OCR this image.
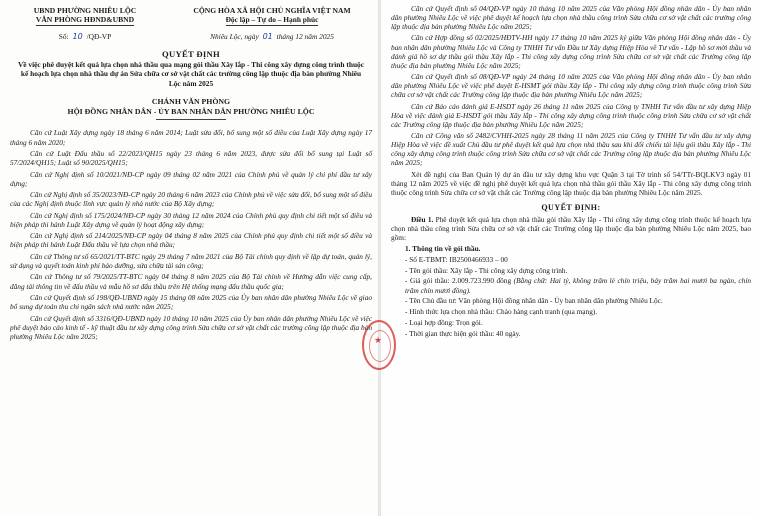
UBND PHƯỜNG NHIÊU LỘC
VĂN PHÒNG HĐND&UBND
CỘNG HÒA XÃ HỘI CHỦ NGHĨA VIỆT NAM
Độc lập – Tự do – Hạnh phúc
Số: 10 /QĐ-VP	Nhiêu Lộc, ngày 01 tháng 12 năm 2025
QUYẾT ĐỊNH
Về việc phê duyệt kết quả lựa chọn nhà thầu qua mạng gói thầu Xây lắp - Thi công xây dựng công trình thuộc kế hoạch lựa chọn nhà thầu dự án Sửa chữa cơ sở vật chất các trường công lập thuộc địa bàn phường Nhiêu Lộc năm 2025
CHÁNH VĂN PHÒNG
HỘI ĐỒNG NHÂN DÂN - ỦY BAN NHÂN DÂN PHƯỜNG NHIÊU LỘC

Căn cứ Luật Xây dựng ngày 18 tháng 6 năm 2014; Luật sửa đổi, bổ sung một số điều của Luật Xây dựng ngày 17 tháng 6 năm 2020;

Căn cứ Luật Đấu thầu số 22/2023/QH15 ngày 23 tháng 6 năm 2023, được sửa đổi bổ sung tại Luật số 57/2024/QH15; Luật số 90/2025/QH15;

Căn cứ Nghị định số 10/2021/NĐ-CP ngày 09 tháng 02 năm 2021 của Chính phủ về quản lý chi phí đầu tư xây dựng;

Căn cứ Nghị định số 35/2023/NĐ-CP ngày 20 tháng 6 năm 2023 của Chính phủ về việc sửa đổi, bổ sung một số điều của các Nghị định thuộc lĩnh vực quản lý nhà nước của Bộ Xây dựng;

Căn cứ Nghị định số 175/2024/NĐ-CP ngày 30 tháng 12 năm 2024 của Chính phủ quy định chi tiết một số điều và biện pháp thi hành Luật Xây dựng về quản lý hoạt động xây dựng;

Căn cứ Nghị định số 214/2025/NĐ-CP ngày 04 tháng 8 năm 2025 của Chính phủ quy định chi tiết một số điều và biện pháp thi hành Luật Đấu thầu về lựa chọn nhà thầu;

Căn cứ Thông tư số 65/2021/TT-BTC ngày 29 tháng 7 năm 2021 của Bộ Tài chính quy định về lập dự toán, quản lý, sử dụng và quyết toán kinh phí bảo dưỡng, sửa chữa tài sản công;

Căn cứ Thông tư số 79/2025/TT-BTC ngày 04 tháng 8 năm 2025 của Bộ Tài chính về Hướng dẫn việc cung cấp, đăng tải thông tin về đấu thầu và mẫu hồ sơ đấu thầu trên Hệ thống mạng đấu thầu quốc gia;

Căn cứ Quyết định số 198/QĐ-UBND ngày 15 tháng 08 năm 2025 của Ủy ban nhân dân phường Nhiêu Lộc về giao bổ sung dự toán thu chi ngân sách nhà nước năm 2025;

Căn cứ Quyết định số 3316/QĐ-UBND ngày 10 tháng 10 năm 2025 của Ủy ban nhân dân phường Nhiêu Lộc về việc phê duyệt báo cáo kinh tế - kỹ thuật đầu tư xây dựng công trình Sửa chữa cơ sở vật chất các trường công lập thuộc địa bàn phường Nhiêu Lộc năm 2025;	★

Căn cứ Quyết định số 04/QĐ-VP ngày 10 tháng 10 năm 2025 của Văn phòng Hội đồng nhân dân - Ủy ban nhân dân phường Nhiêu Lộc về việc phê duyệt kế hoạch lựa chọn nhà thầu công trình Sửa chữa cơ sở vật chất các trường công lập thuộc địa bàn phường Nhiêu Lộc năm 2025;

Căn cứ Hợp đồng số 02/2025/HĐTV-HH ngày 17 tháng 10 năm 2025 ký giữa Văn phòng Hội đồng nhân dân - Ủy ban nhân dân phường Nhiêu Lộc và Công ty TNHH Tư vấn Đầu tư Xây dựng Hiệp Hòa về Tư vấn - Lập hồ sơ mời thầu và đánh giá hồ sơ dự thầu gói thầu Xây lắp - Thi công xây dựng công trình Sửa chữa cơ sở vật chất các Trường công lập thuộc địa bàn phường Nhiêu Lộc năm 2025;

Căn cứ Quyết định số 08/QĐ-VP ngày 24 tháng 10 năm 2025 của Văn phòng Hội đồng nhân dân - Ủy ban nhân dân phường Nhiêu Lộc về việc phê duyệt E-HSMT gói thầu Xây lắp - Thi công xây dựng công trình thuộc công trình Sửa chữa cơ sở vật chất các Trường công lập thuộc địa bàn phường Nhiêu Lộc năm 2025;

Căn cứ Báo cáo đánh giá E-HSDT ngày 26 tháng 11 năm 2025 của Công ty TNHH Tư vấn đầu tư xây dựng Hiệp Hòa về việc đánh giá E-HSDT gói thầu Xây lắp - Thi công xây dựng công trình thuộc công trình Sửa chữa cơ sở vật chất các Trường công lập thuộc địa bàn phường Nhiêu Lộc năm 2025;

Căn cứ Công văn số 2482/CVHH-2025 ngày 28 tháng 11 năm 2025 của Công ty TNHH Tư vấn đầu tư xây dựng Hiệp Hòa về việc đề xuất Chủ đầu tư phê duyệt kết quả lựa chọn nhà thầu sau khi đối chiếu tài liệu gói thầu Xây lắp - Thi công xây dựng công trình thuộc công trình Sửa chữa cơ sở vật chất các Trường công lập thuộc địa bàn phường Nhiêu Lộc năm 2025;

Xét đề nghị của Ban Quản lý dự án đầu tư xây dựng khu vực Quận 3 tại Tờ trình số 54/TTr-BQLKV3 ngày 01 tháng 12 năm 2025 về việc đề nghị phê duyệt kết quả lựa chọn nhà thầu gói thầu Xây lắp - Thi công xây dựng công trình thuộc công trình Sửa chữa cơ sở vật chất các Trường công lập thuộc địa bàn phường Nhiêu Lộc năm 2025.

QUYẾT ĐỊNH:

Điều 1. Phê duyệt kết quả lựa chọn nhà thầu gói thầu Xây lắp - Thi công xây dựng công trình thuộc kế hoạch lựa chọn nhà thầu công trình Sửa chữa cơ sở vật chất các Trường công lập thuộc địa bàn phường Nhiêu Lộc năm 2025, bao gồm:

1. Thông tin về gói thầu.
- Số E-TBMT: IB2500466933 – 00
- Tên gói thầu: Xây lắp - Thi công xây dựng công trình.
- Giá gói thầu: 2.009.723.990 đồng (Bằng chữ: Hai tỷ, không trăm lẻ chín triệu, bảy trăm hai mươi ba ngàn, chín trăm chín mươi đồng).
- Tên Chủ đầu tư: Văn phòng Hội đồng nhân dân - Ủy ban nhân dân phường Nhiêu Lộc.
- Hình thức lựa chọn nhà thầu: Chào hàng cạnh tranh (qua mạng).
- Loại hợp đồng: Trọn gói.
- Thời gian thực hiện gói thầu: 40 ngày.
